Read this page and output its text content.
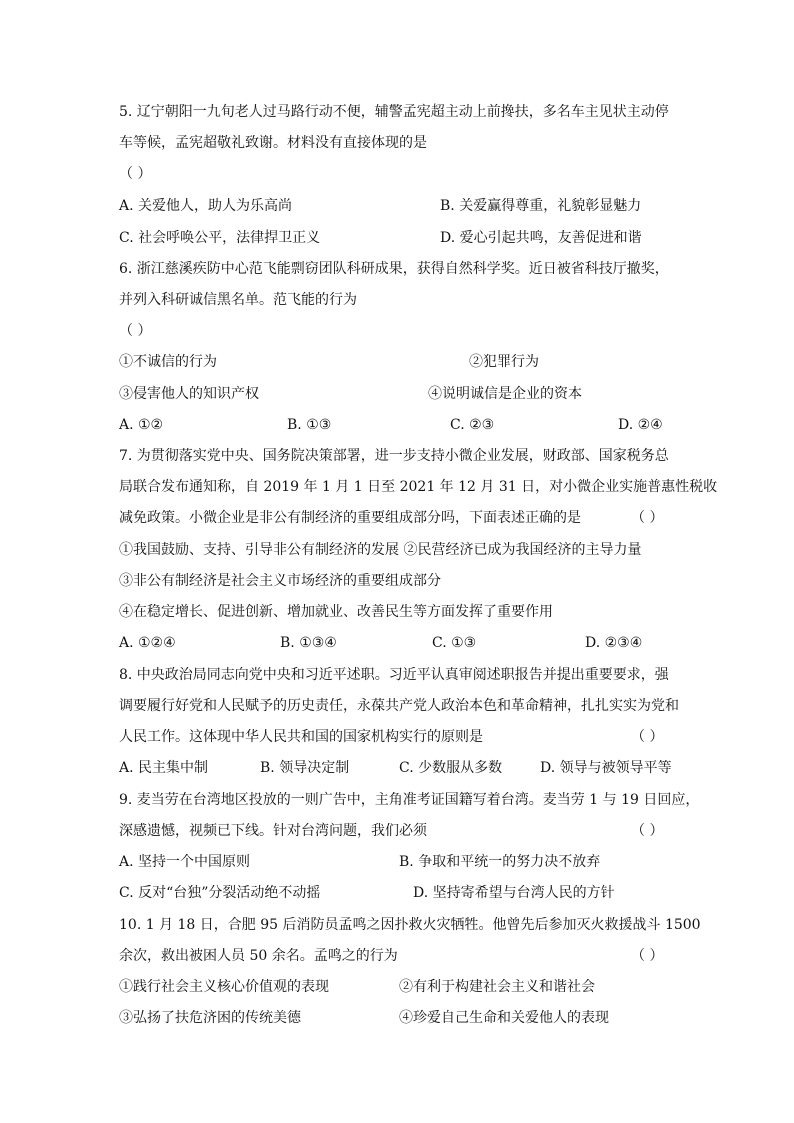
5. 辽宁朝阳一九旬老人过马路行动不便，辅警孟宪超主动上前搀扶，多名车主见状主动停
车等候，孟宪超敬礼致谢。材料没有直接体现的是
（ ）
A. 关爱他人，助人为乐高尚	B. 关爱赢得尊重，礼貌彰显魅力
C. 社会呼唤公平，法律捍卫正义	D. 爱心引起共鸣，友善促进和谐
6. 浙江慈溪疾防中心范飞能剽窃团队科研成果，获得自然科学奖。近日被省科技厅撤奖，
并列入科研诚信黑名单。范飞能的行为
（ ）
①不诚信的行为	②犯罪行为
③侵害他人的知识产权	④说明诚信是企业的资本
A. ①②	B. ①③	C. ②③	D. ②④
7. 为贯彻落实党中央、国务院决策部署，进一步支持小微企业发展，财政部、国家税务总
局联合发布通知称，自 2019 年 1 月 1 日至 2021 年 12 月 31 日，对小微企业实施普惠性税收
减免政策。小微企业是非公有制经济的重要组成部分吗，下面表述正确的是	（ ）
①我国鼓励、支持、引导非公有制经济的发展 ②民营经济已成为我国经济的主导力量
③非公有制经济是社会主义市场经济的重要组成部分
④在稳定增长、促进创新、增加就业、改善民生等方面发挥了重要作用
A. ①②④	B. ①③④	C. ①③	D. ②③④
8. 中央政治局同志向党中央和习近平述职。习近平认真审阅述职报告并提出重要要求，强
调要履行好党和人民赋予的历史责任，永葆共产党人政治本色和革命精神，扎扎实实为党和
人民工作。这体现中华人民共和国的国家机构实行的原则是	（ ）
A. 民主集中制	B. 领导决定制	C. 少数服从多数	D. 领导与被领导平等
9. 麦当劳在台湾地区投放的一则广告中，主角准考证国籍写着台湾。麦当劳 1 与 19 日回应，
深感遗憾，视频已下线。针对台湾问题，我们必须	（ ）
A. 坚持一个中国原则	B. 争取和平统一的努力决不放弃
C. 反对“台独”分裂活动绝不动摇	D. 坚持寄希望与台湾人民的方针
10. 1 月 18 日，合肥 95 后消防员孟鸣之因扑救火灾牺牲。他曾先后参加灭火救援战斗 1500
余次，救出被困人员 50 余名。孟鸣之的行为	（ ）
①践行社会主义核心价值观的表现	②有利于构建社会主义和谐社会
③弘扬了扶危济困的传统美德	④珍爱自己生命和关爱他人的表现
